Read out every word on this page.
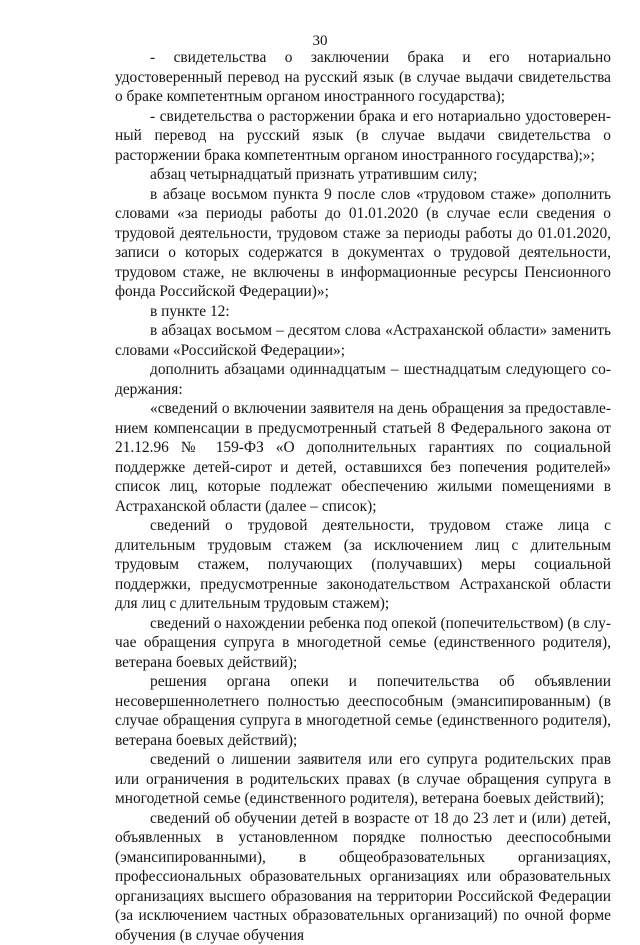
30

- свидетельства о заключении брака и его нотариально удостоверенный перевод на русский язык (в случае выдачи свидетельства о браке компетентным органом иностранного государства);

- свидетельства о расторжении брака и его нотариально удостоверенный перевод на русский язык (в случае выдачи свидетельства о расторжении брака компетентным органом иностранного государства);»;

абзац четырнадцатый признать утратившим силу;

в абзаце восьмом пункта 9 после слов «трудовом стаже» дополнить словами «за периоды работы до 01.01.2020 (в случае если сведения о трудовой деятельности, трудовом стаже за периоды работы до 01.01.2020, записи о которых содержатся в документах о трудовой деятельности, трудовом стаже, не включены в информационные ресурсы Пенсионного фонда Российской Федерации)»;

в пункте 12:

в абзацах восьмом – десятом слова «Астраханской области» заменить словами «Российской Федерации»;

дополнить абзацами одиннадцатым – шестнадцатым следующего содержания:

«сведений о включении заявителя на день обращения за предоставлением компенсации в предусмотренный статьей 8 Федерального закона от 21.12.96 № 159-ФЗ «О дополнительных гарантиях по социальной поддержке детей-сирот и детей, оставшихся без попечения родителей» список лиц, которые подлежат обеспечению жилыми помещениями в Астраханской области (далее – список);

сведений о трудовой деятельности, трудовом стаже лица с длительным трудовым стажем (за исключением лиц с длительным трудовым стажем, получающих (получавших) меры социальной поддержки, предусмотренные законодательством Астраханской области для лиц с длительным трудовым стажем);

сведений о нахождении ребенка под опекой (попечительством) (в случае обращения супруга в многодетной семье (единственного родителя), ветерана боевых действий);

решения органа опеки и попечительства об объявлении несовершеннолетнего полностью дееспособным (эмансипированным) (в случае обращения супруга в многодетной семье (единственного родителя), ветерана боевых действий);

сведений о лишении заявителя или его супруга родительских прав или ограничения в родительских правах (в случае обращения супруга в многодетной семье (единственного родителя), ветерана боевых действий);

сведений об обучении детей в возрасте от 18 до 23 лет и (или) детей, объявленных в установленном порядке полностью дееспособными (эмансипированными), в общеобразовательных организациях, профессиональных образовательных организациях или образовательных организациях высшего образования на территории Российской Федерации (за исключением частных образовательных организаций) по очной форме обучения (в случае обучения
